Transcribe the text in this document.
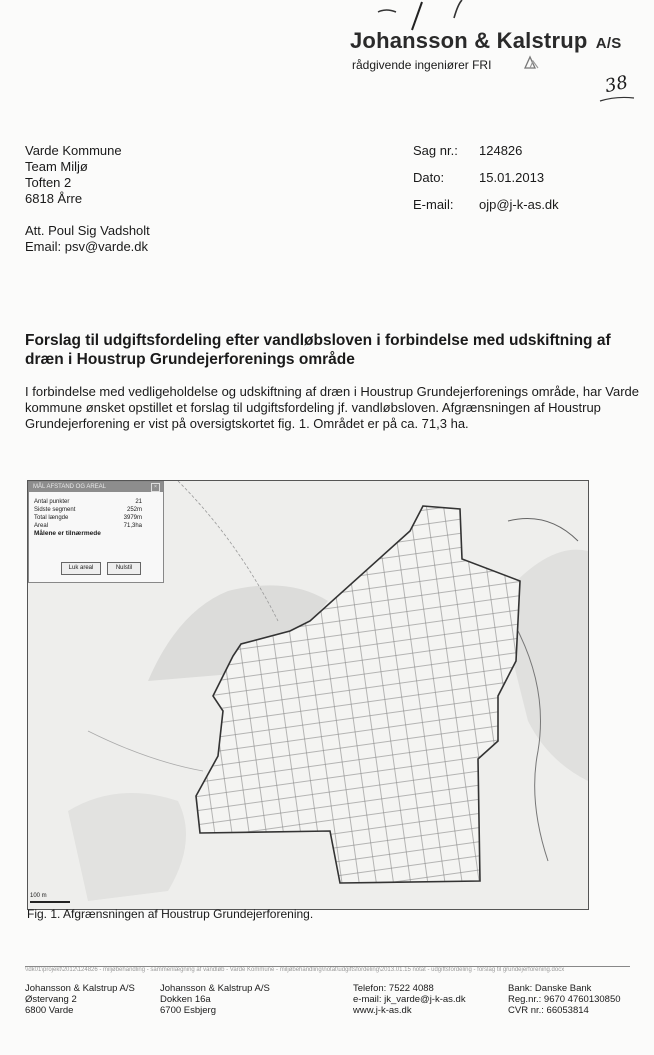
Johansson & Kalstrup A/S
rådgivende ingeniører FRI
38
Varde Kommune
Team Miljø
Toften 2
6818 Årre
Att. Poul Sig Vadsholt
Email: psv@varde.dk
Sag nr.: 124826
Dato:	15.01.2013
E-mail: ojp@j-k-as.dk
Forslag til udgiftsfordeling efter vandløbsloven i forbindelse med udskiftning af dræn i Houstrup Grundejerforenings område
I forbindelse med vedligeholdelse og udskiftning af dræn i Houstrup Grundejerforenings område, har Varde kommune ønsket opstillet et forslag til udgiftsfordeling jf. vandløbsloven. Afgrænsningen af Houstrup Grundejerforening er vist på oversigtskortet fig. 1. Området er på ca. 71,3 ha.
MÅL AFSTAND OG AREAL	×
Antal punkter	21
Sidste segment	252m
Total længde	3979m
Areal	71,3ha
Målene er tilnærmede
Luk areal	Nulstil
100 m
Fig. 1. Afgrænsningen af Houstrup Grundejerforening.
\\dk01\projekt\2012\124826 - miljøbehandling - sammenlægning af vandløb - Varde Kommune - miljøbehandling\notat\udgiftsfordeling\2013.01.15 notat - udgiftsfordeling - forslag til grundejerforening.docx
Johansson & Kalstrup A/S
Østervang 2
6800 Varde
Johansson & Kalstrup A/S
Dokken 16a
6700 Esbjerg
Telefon: 7522 4088
e-mail: jk_varde@j-k-as.dk
www.j-k-as.dk
Bank: Danske Bank
Reg.nr.: 9670 4760130850
CVR nr.: 66053814
